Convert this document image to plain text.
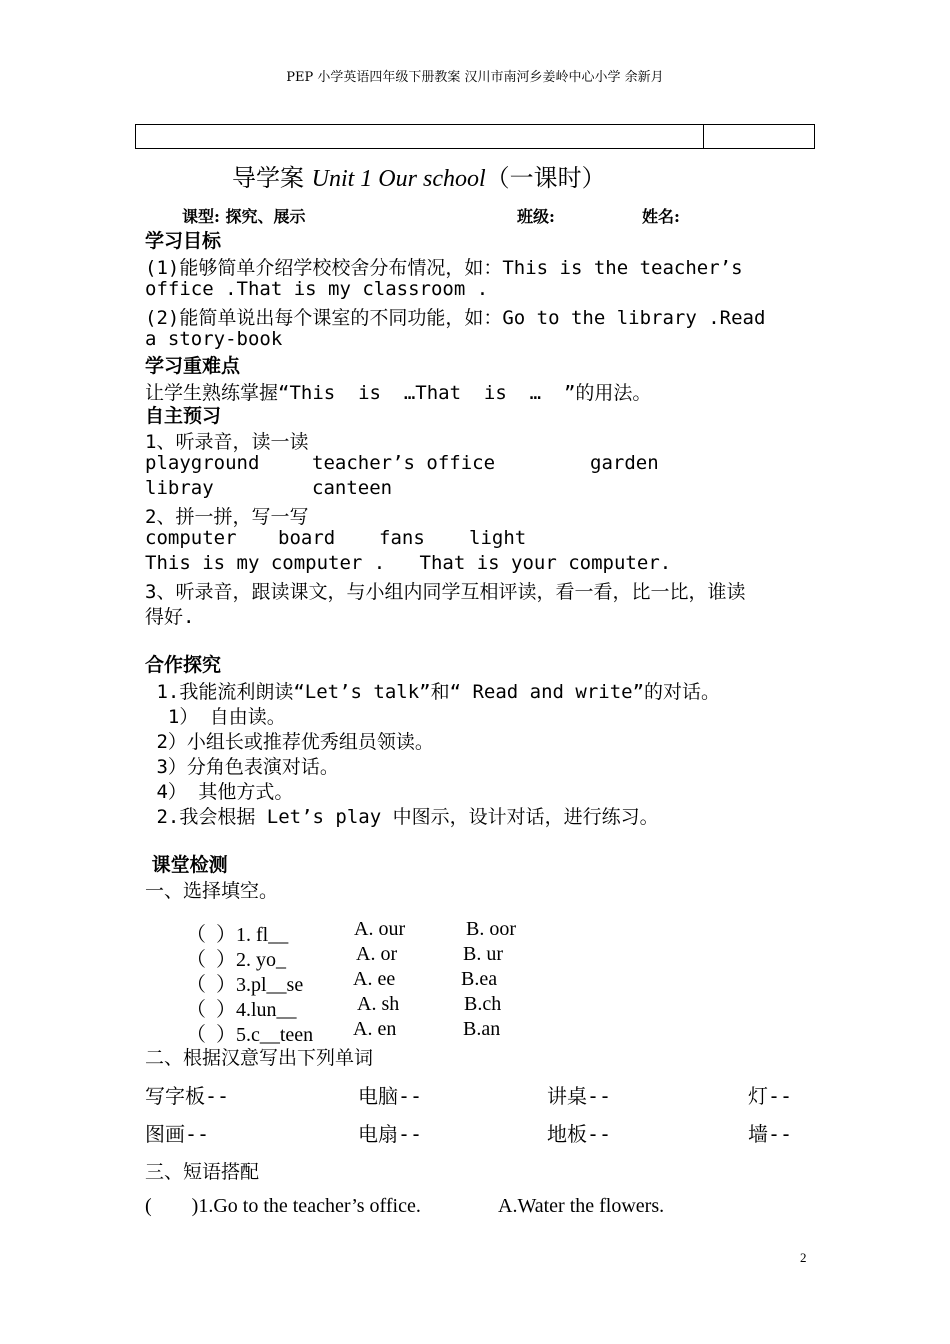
PEP 小学英语四年级下册教案 汉川市南河乡姜岭中心小学 余新月
导学案 Unit 1 Our school（一课时）
课型: 探究、展示	班级:	姓名:
学习目标
(1)能够简单介绍学校校舍分布情况，如：This is the teacher’s
office .That is my classroom .
(2)能简单说出每个课室的不同功能，如：Go to the library .Read
a story-book
学习重难点
让学生熟练掌握“This  is  …That  is  …  ”的用法。
自主预习
1、听录音，读一读
playground	teacher’s office	garden
libray	canteen
2、拼一拼，写一写
computer board fans light
This is my computer .   That is your computer.
3、听录音，跟读课文，与小组内同学互相评读，看一看，比一比，谁读
得好.
合作探究
1.我能流利朗读“Let’s talk”和“ Read and write”的对话。
1） 自由读。
2）小组长或推荐优秀组员领读。
3）分角色表演对话。
4） 其他方式。
2.我会根据 Let’s play 中图示，设计对话，进行练习。
课堂检测
一、选择填空。
（  ）1. fl__	A. our	B. oor
（  ）2. yo_	A. or	B. ur
（  ）3.pl__se A. ee	B.ea
（  ）4.lun__	A. sh	B.ch
（  ）5.c__teen A. en	B.an
二、根据汉意写出下列单词
写字板--	电脑--	讲桌--	灯--
图画--	电扇--	地板--	墙--
三、短语搭配
(        )1.Go to the teacher’s office.	A.Water the flowers.
2
